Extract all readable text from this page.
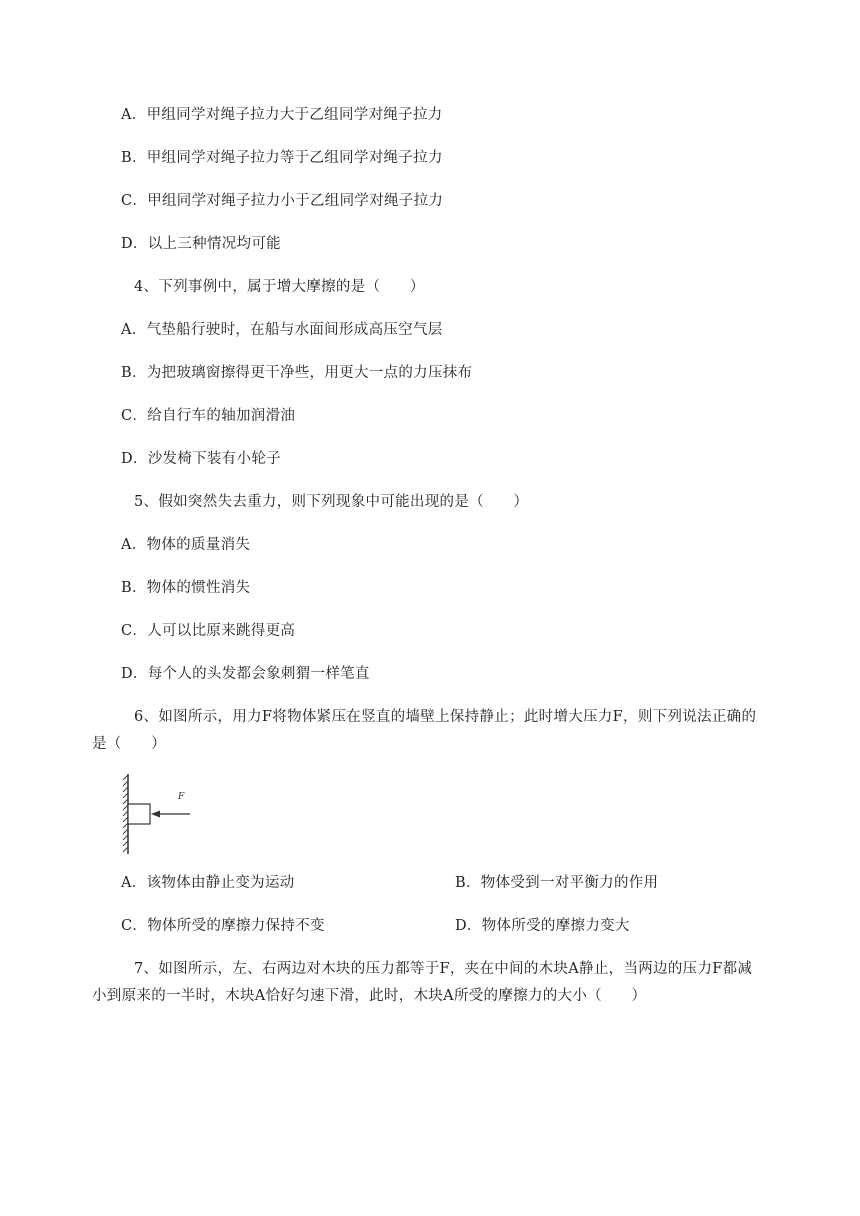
A．甲组同学对绳子拉力大于乙组同学对绳子拉力
B．甲组同学对绳子拉力等于乙组同学对绳子拉力
C．甲组同学对绳子拉力小于乙组同学对绳子拉力
D．以上三种情况均可能
4、下列事例中，属于增大摩擦的是（　　）
A．气垫船行驶时，在船与水面间形成高压空气层
B．为把玻璃窗擦得更干净些，用更大一点的力压抹布
C．给自行车的轴加润滑油
D．沙发椅下装有小轮子
5、假如突然失去重力，则下列现象中可能出现的是（　　）
A．物体的质量消失
B．物体的惯性消失
C．人可以比原来跳得更高
D．每个人的头发都会象刺猬一样笔直
6、如图所示，用力F将物体紧压在竖直的墙壁上保持静止；此时增大压力F，则下列说法正确的
是（　　）
F
A．该物体由静止变为运动	B．物体受到一对平衡力的作用
C．物体所受的摩擦力保持不变	D．物体所受的摩擦力变大
7、如图所示，左、右两边对木块的压力都等于F，夹在中间的木块A静止，当两边的压力F都减
小到原来的一半时，木块A恰好匀速下滑，此时，木块A所受的摩擦力的大小（　　）
